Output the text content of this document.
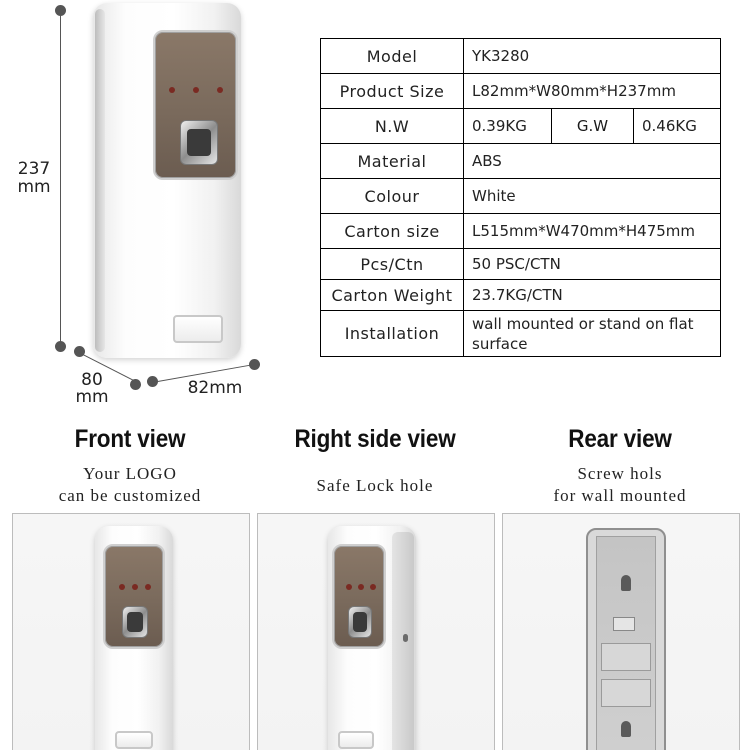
237
mm
80
mm	82mm
Model	YK3280		
Product Size	L82mm*W80mm*H237mm		
N.W	0.39KG	G.W	0.46KG
Material	ABS		
Colour	White		
Carton size	L515mm*W470mm*H475mm		
Pcs/Ctn	50 PSC/CTN		
Carton Weight	23.7KG/CTN		
Installation	wall mounted or stand on flat surface		
Front view
Your LOGO
can be customized
Right side view
Safe Lock hole
Rear view
Screw hols
for wall mounted
